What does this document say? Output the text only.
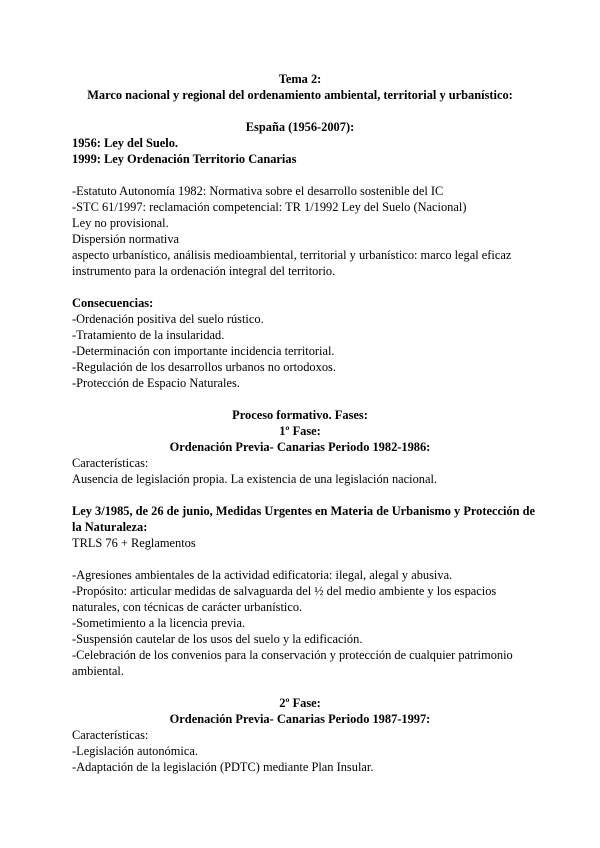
Tema 2:
Marco nacional y regional del ordenamiento ambiental, territorial y urbanístico:
España (1956-2007):
1956: Ley del Suelo.
1999: Ley Ordenación Territorio Canarias
-Estatuto Autonomía 1982: Normativa sobre el desarrollo sostenible del IC
-STC 61/1997: reclamación competencial: TR 1/1992 Ley del Suelo (Nacional)
Ley no provisional.
Dispersión normativa
aspecto urbanístico, análisis medioambiental, territorial y urbanístico: marco legal eficaz
instrumento para la ordenación integral del territorio.
Consecuencias:
-Ordenación positiva del suelo rústico.
-Tratamiento de la insularidad.
-Determinación con importante incidencia territorial.
-Regulación de los desarrollos urbanos no ortodoxos.
-Protección de Espacio Naturales.
Proceso formativo. Fases:
1º Fase:
Ordenación Previa- Canarias Periodo 1982-1986:
Características:
Ausencia de legislación propia. La existencia de una legislación nacional.
Ley 3/1985, de 26 de junio, Medidas Urgentes en Materia de Urbanismo y Protección de
la Naturaleza:
TRLS 76 + Reglamentos
-Agresiones ambientales de la actividad edificatoria: ilegal, alegal y abusiva.
-Propósito: articular medidas de salvaguarda del ½ del medio ambiente y los espacios
naturales, con técnicas de carácter urbanístico.
-Sometimiento a la licencia previa.
-Suspensión cautelar de los usos del suelo y la edificación.
-Celebración de los convenios para la conservación y protección de cualquier patrimonio
ambiental.
2º Fase:
Ordenación Previa- Canarias Periodo 1987-1997:
Características:
-Legislación autonómica.
-Adaptación de la legislación (PDTC) mediante Plan Insular.
